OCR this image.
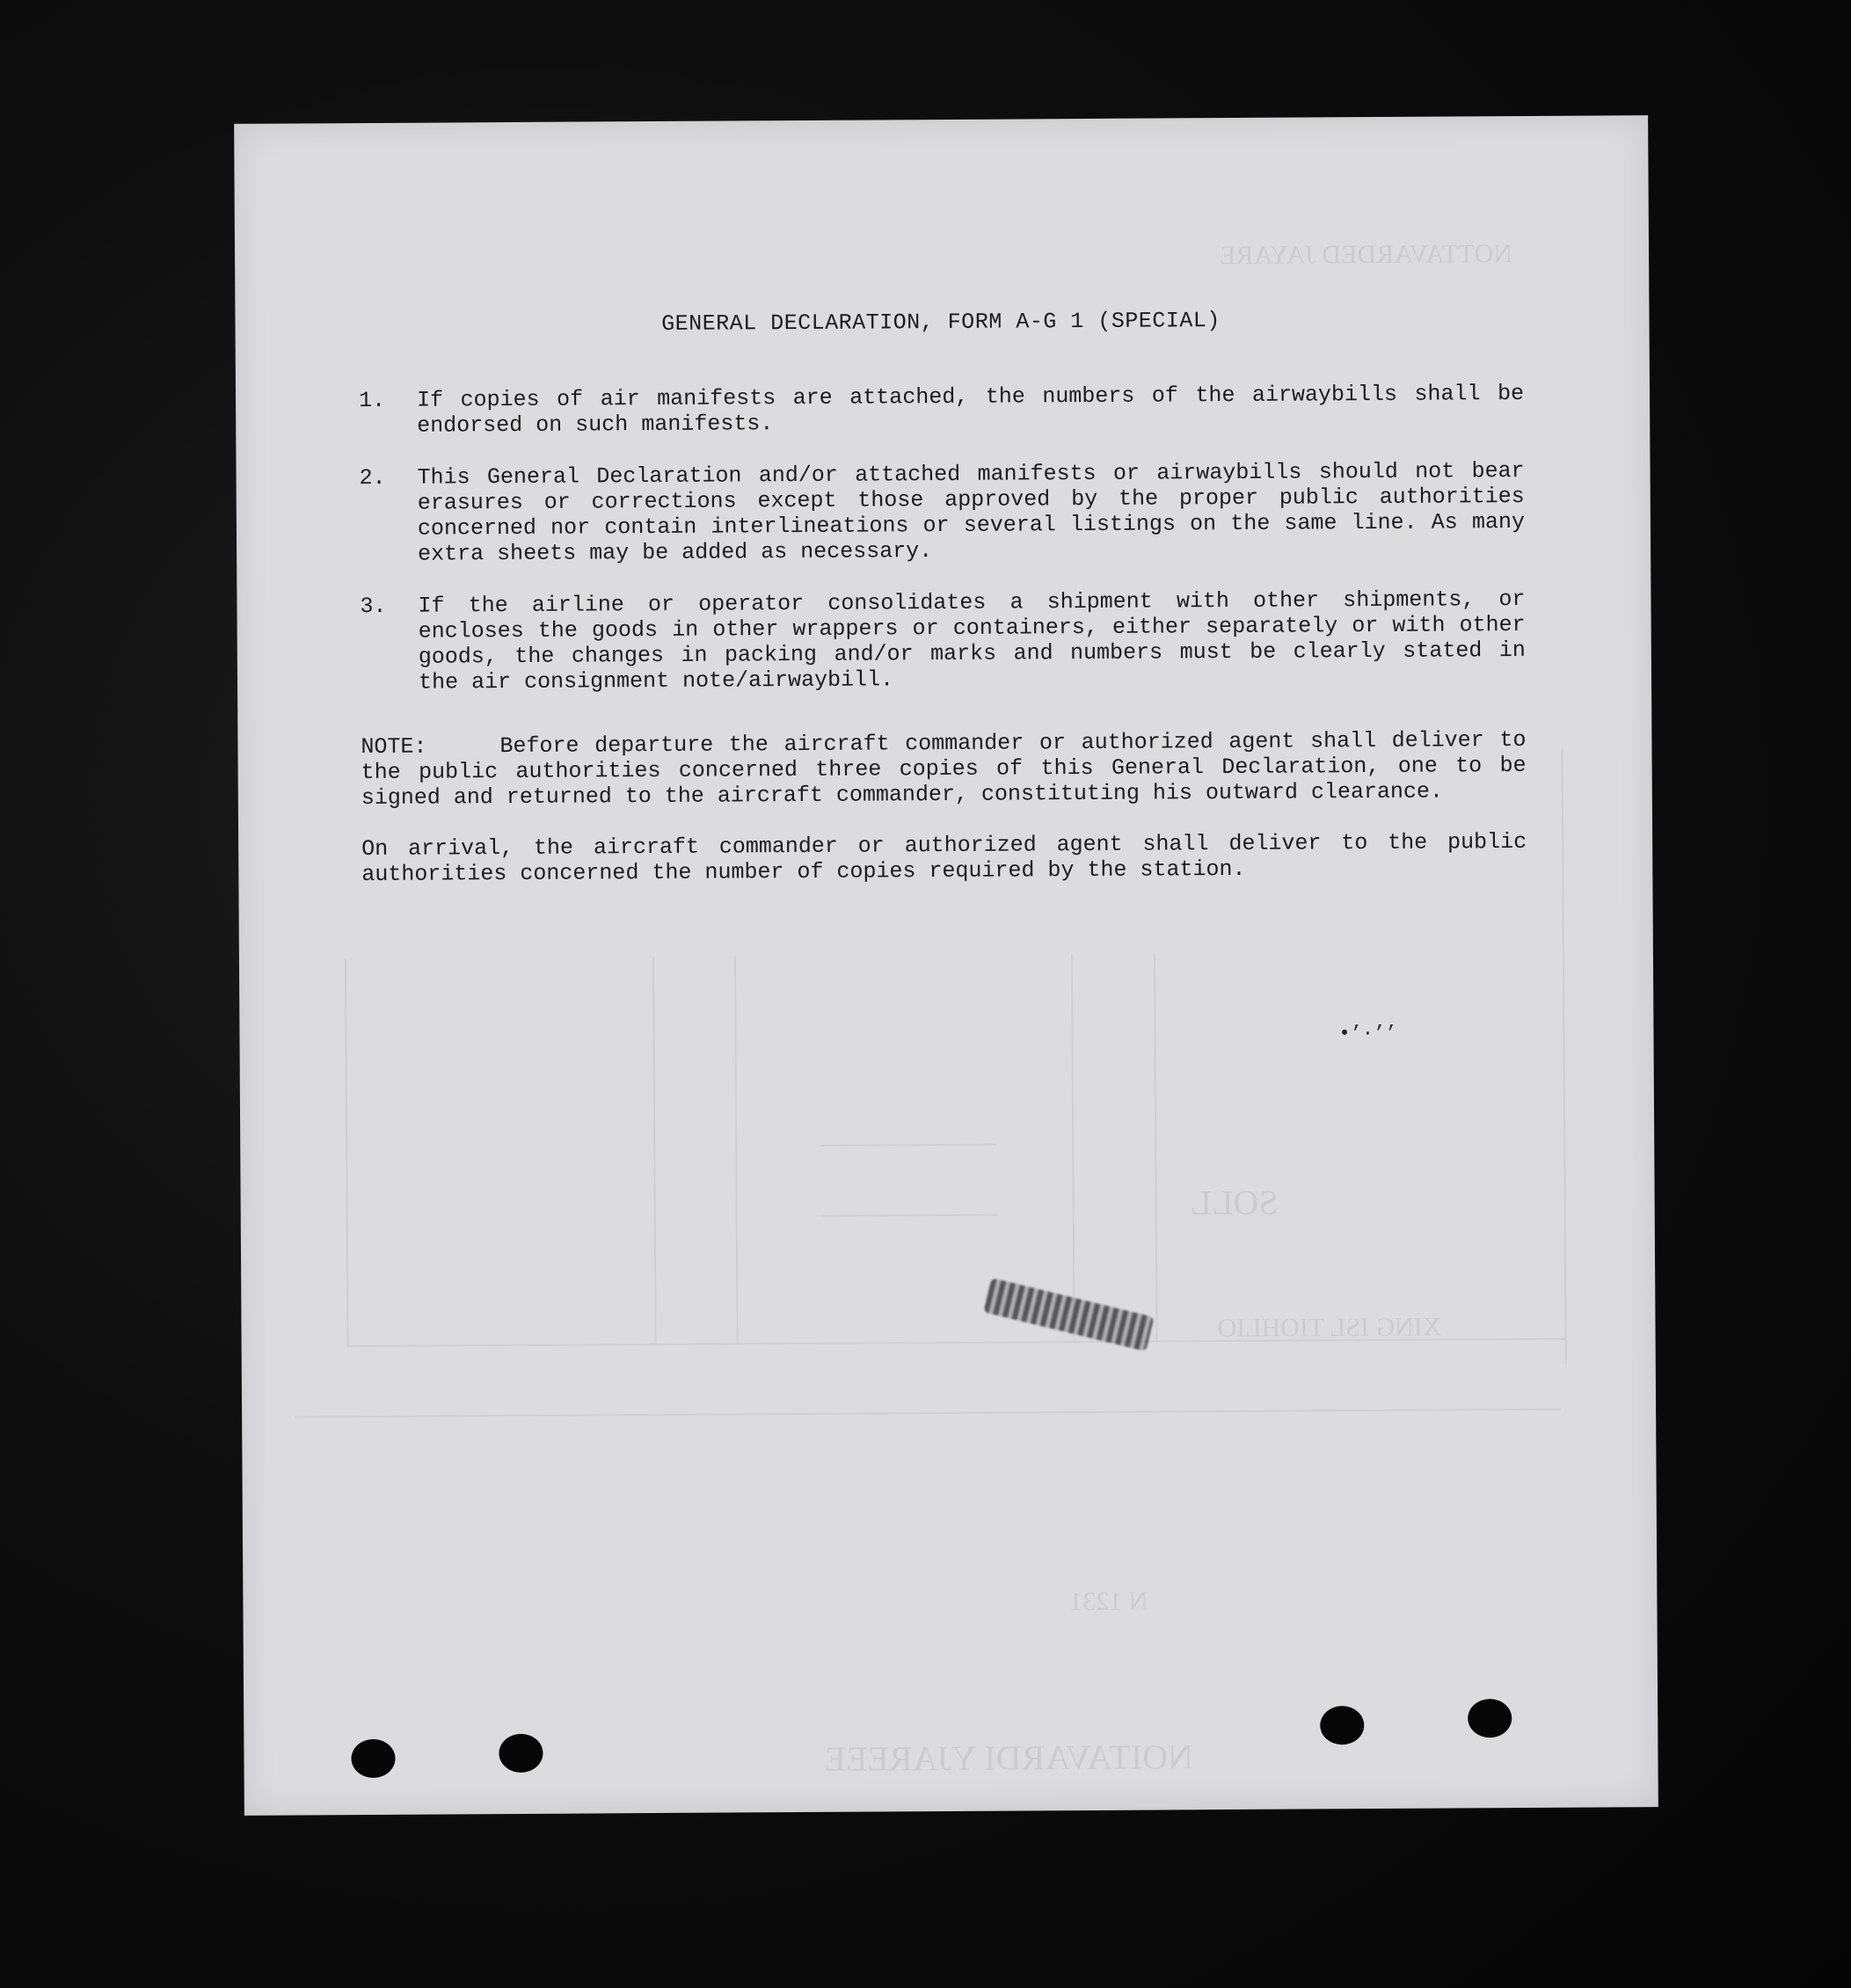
SOLL
XING ISL TIOHLIO
N 1231
NOITAVARDI YJAREEE
NOTTAVARDED JAYARE
GENERAL DECLARATION, FORM A-G 1 (SPECIAL)
1.	If copies of air manifests are attached, the numbers of the airwaybills shall be endorsed on such manifests.
2.	This General Declaration and/or attached manifests or airwaybills should not bear erasures or corrections except those approved by the proper public authorities concerned nor contain interlineations or several listings on the same line. As many extra sheets may be added as necessary.
3.	If the airline or operator consolidates a shipment with other shipments, or encloses the goods in other wrappers or containers, either separately or with other goods, the changes in packing and/or marks and numbers must be clearly stated in the air consignment note/airwaybill.
NOTE:	Before departure the aircraft commander or authorized agent shall deliver to the public authorities concerned three copies of this General Declaration, one to be signed and returned to the aircraft commander, constituting his outward clearance.
On arrival, the aircraft commander or authorized agent shall deliver to the public authorities concerned the number of copies required by the station.
•’·’’
